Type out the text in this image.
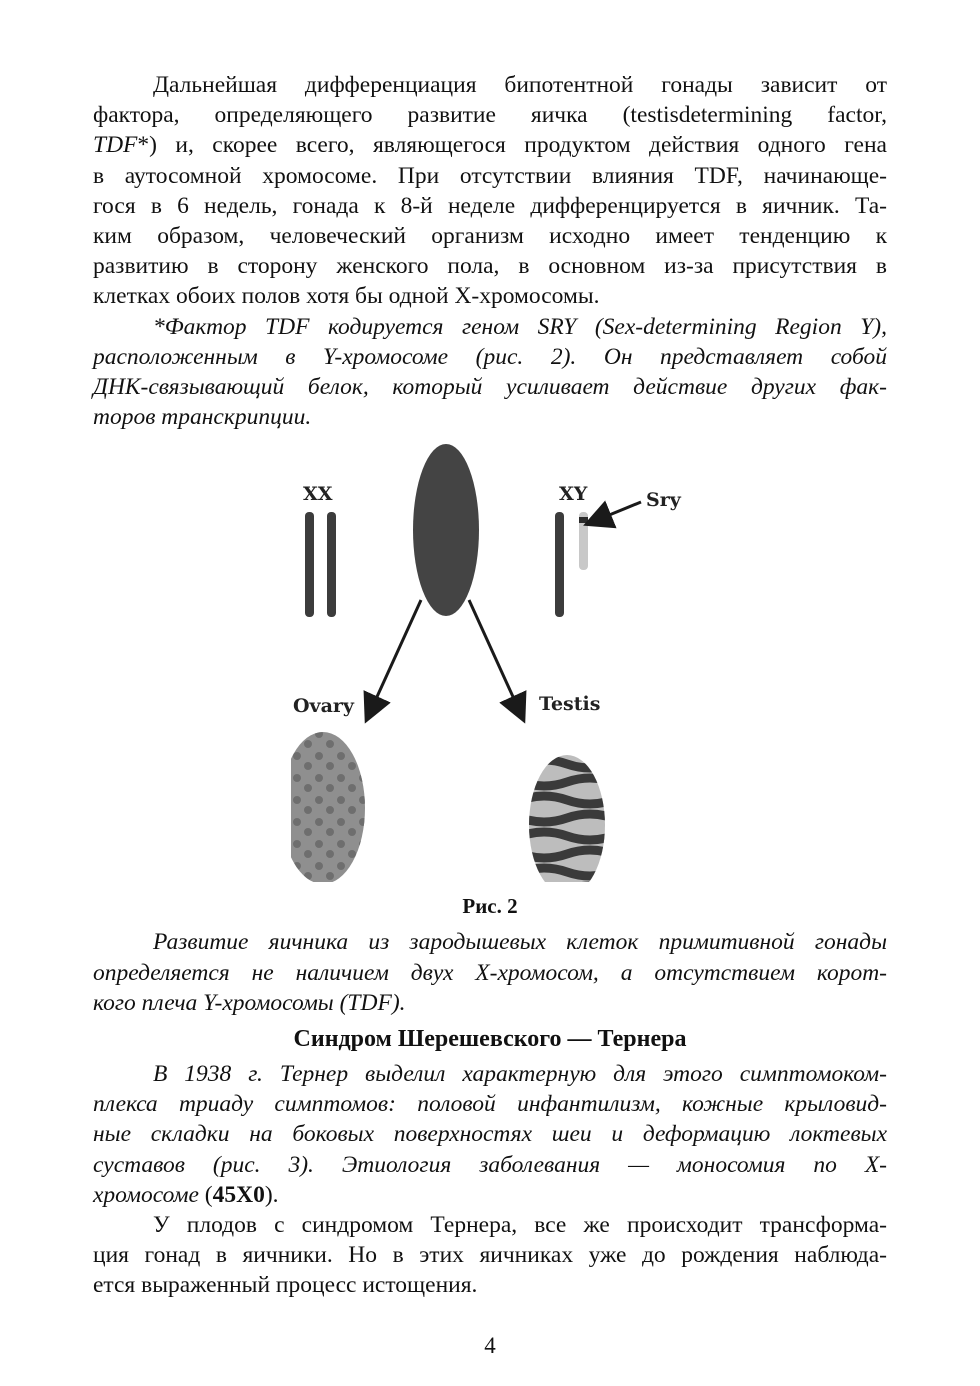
Дальнейшая дифференциация бипотентной гонады зависит от
фактора, определяющего развитие яичка (testisdetermining factor,
TDF*) и, скорее всего, являющегося продуктом действия одного гена
в аутосомной хромосоме. При отсутствии влияния TDF, начинающе-
гося в 6 недель, гонада к 8-й неделе дифференцируется в яичник. Та-
ким образом, человеческий организм исходно имеет тенденцию к
развитию в сторону женского пола, в основном из-за присутствия в
клетках обоих полов хотя бы одной Х-хромосомы.
*Фактор TDF кодируется геном SRY (Sex-determining Region Y),
расположенным в Y-хромосоме (рис. 2). Он представляет собой
ДНК-связывающий белок, который усиливает действие других фак-
торов транскрипции.
XX	XY	Sry
Ovary	Testis
Рис. 2
Развитие яичника из зародышевых клеток примитивной гонады
определяется не наличием двух Х-хромосом, а отсутствием корот-
кого плеча Y-хромосомы (TDF).
Синдром Шерешевского — Тернера
В 1938 г. Тернер выделил характерную для этого симптомоком-
плекса триаду симптомов: половой инфантилизм, кожные крыловид-
ные складки на боковых поверхностях шеи и деформацию локтевых
суставов (рис. 3). Этиология заболевания — моносомия по Х-
хромосоме (45Х0).
У плодов с синдромом Тернера, все же происходит трансформа-
ция гонад в яичники. Но в этих яичниках уже до рождения наблюда-
ется выраженный процесс истощения.
4
